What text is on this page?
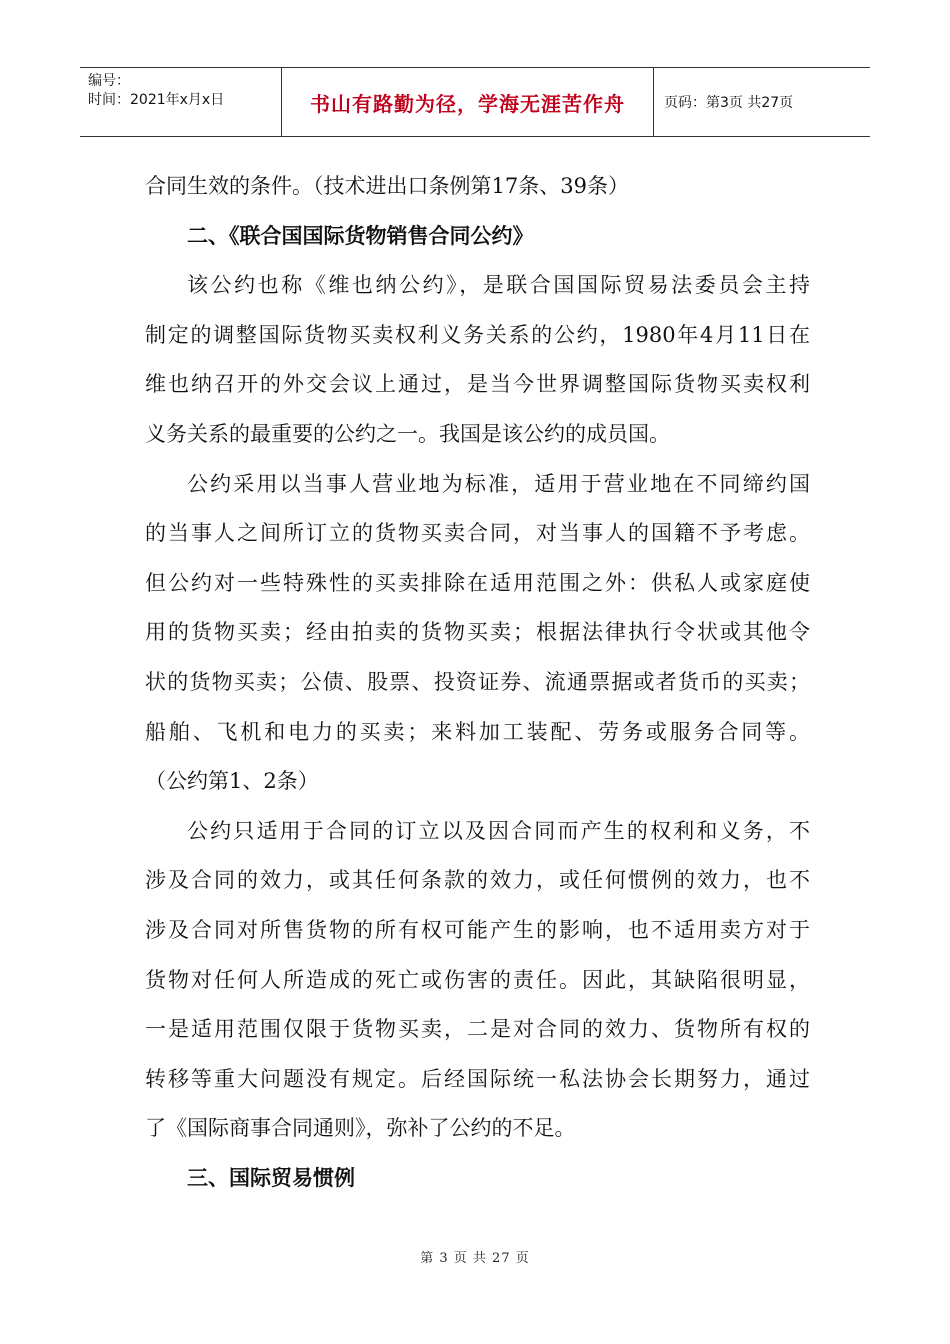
编号：
时间：2021年x月x日	书山有路勤为径，学海无涯苦作舟	页码：第3页 共27页
合同生效的条件。（技术进出口条例第17条、39条）
二、《联合国国际货物销售合同公约》
该公约也称《维也纳公约》，是联合国国际贸易法委员会主持
制定的调整国际货物买卖权利义务关系的公约，1980年4月11日在
维也纳召开的外交会议上通过，是当今世界调整国际货物买卖权利
义务关系的最重要的公约之一。我国是该公约的成员国。
公约采用以当事人营业地为标准，适用于营业地在不同缔约国
的当事人之间所订立的货物买卖合同，对当事人的国籍不予考虑。
但公约对一些特殊性的买卖排除在适用范围之外：供私人或家庭使
用的货物买卖；经由拍卖的货物买卖；根据法律执行令状或其他令
状的货物买卖；公债、股票、投资证券、流通票据或者货币的买卖；
船舶、飞机和电力的买卖；来料加工装配、劳务或服务合同等。
（公约第1、2条）
公约只适用于合同的订立以及因合同而产生的权利和义务，不
涉及合同的效力，或其任何条款的效力，或任何惯例的效力，也不
涉及合同对所售货物的所有权可能产生的影响，也不适用卖方对于
货物对任何人所造成的死亡或伤害的责任。因此，其缺陷很明显，
一是适用范围仅限于货物买卖，二是对合同的效力、货物所有权的
转移等重大问题没有规定。后经国际统一私法协会长期努力，通过
了《国际商事合同通则》，弥补了公约的不足。
三、国际贸易惯例
第 3 页 共 27 页
